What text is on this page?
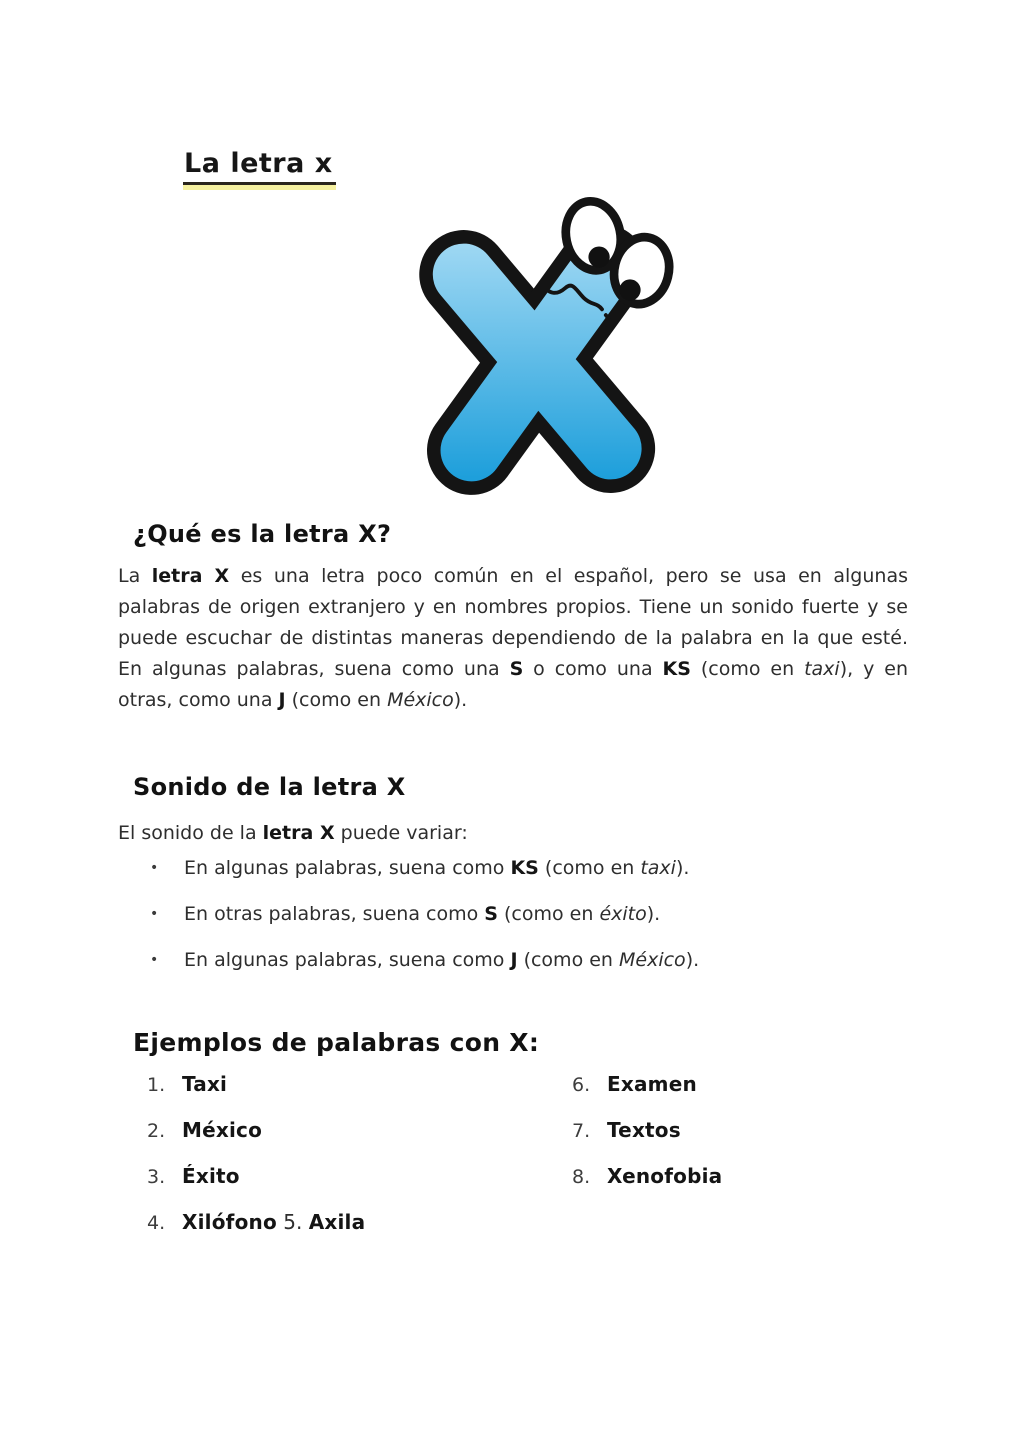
La letra x
¿Qué es la letra X?
La letra X es una letra poco común en el español, pero se usa en algunas palabras de origen extranjero y en nombres propios. Tiene un sonido fuerte y se puede escuchar de distintas maneras dependiendo de la palabra en la que esté. En algunas palabras, suena como una S o como una KS (como en taxi), y en otras, como una J (como en México).
Sonido de la letra X
El sonido de la letra X puede variar:
•	En algunas palabras, suena como KS (como en taxi).
•	En otras palabras, suena como S (como en éxito).
•	En algunas palabras, suena como J (como en México).
Ejemplos de palabras con X:
1. Taxi
2. México
3. Éxito
4. Xilófono 5. Axila
6. Examen
7. Textos
8. Xenofobia
